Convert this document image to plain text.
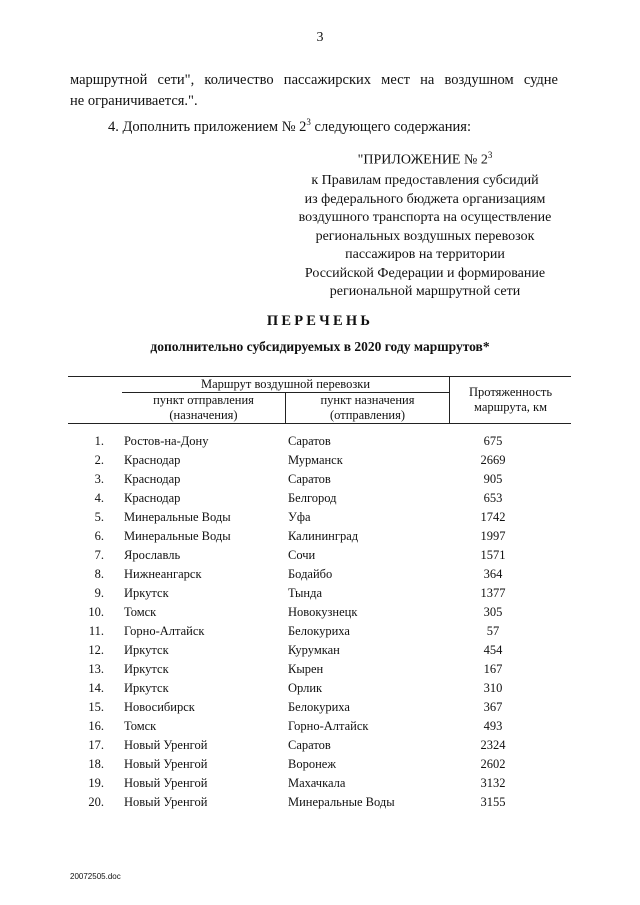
3
маршрутной сети", количество пассажирских мест на воздушном судне
не ограничивается.".
4. Дополнить приложением № $2^3$ следующего содержания:
"ПРИЛОЖЕНИЕ № $2^3$
к Правилам предоставления субсидий
из федерального бюджета организациям
воздушного транспорта на осуществление
региональных воздушных перевозок
пассажиров на территории
Российской Федерации и формирование
региональной маршрутной сети
ПЕРЕЧЕНЬ
дополнительно субсидируемых в 2020 году маршрутов*
Маршрут воздушной перевозки
пункт отправления
(назначения)
пункт назначения
(отправления)
Протяженность
маршрута, км
1. Ростов-на-Дону	Саратов	675
2. Краснодар	Мурманск	2669
3. Краснодар	Саратов	905
4. Краснодар	Белгород	653
5. Минеральные Воды	Уфа	1742
6. Минеральные Воды	Калининград	1997
7. Ярославль	Сочи	1571
8. Нижнеангарск	Бодайбо	364
9. Иркутск	Тында	1377
10. Томск	Новокузнецк	305
11. Горно-Алтайск	Белокуриха	57
12. Иркутск	Курумкан	454
13. Иркутск	Кырен	167
14. Иркутск	Орлик	310
15. Новосибирск	Белокуриха	367
16. Томск	Горно-Алтайск	493
17. Новый Уренгой	Саратов	2324
18. Новый Уренгой	Воронеж	2602
19. Новый Уренгой	Махачкала	3132
20. Новый Уренгой	Минеральные Воды	3155
20072505.doc
